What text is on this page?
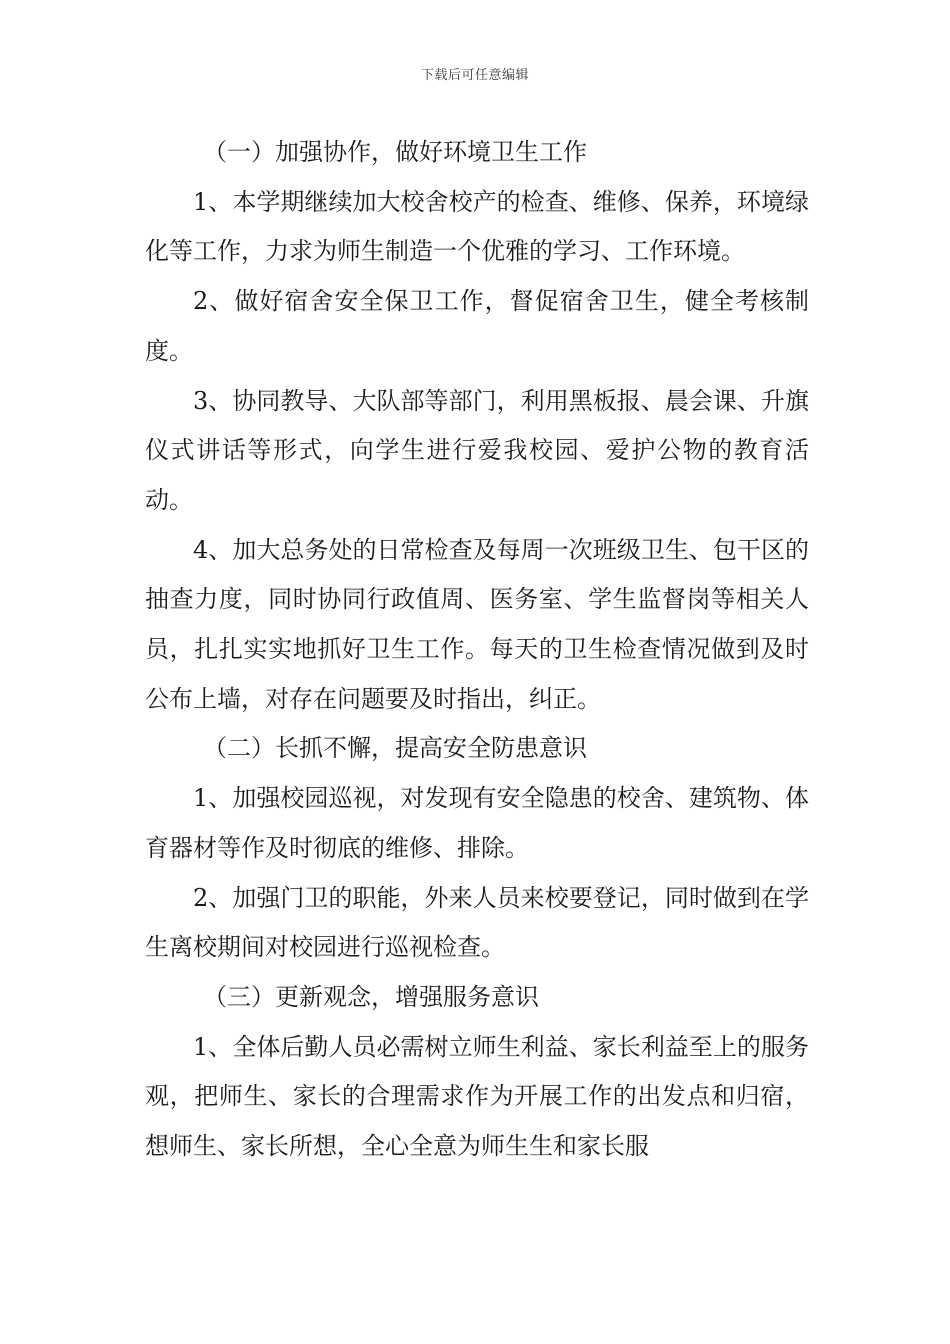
下载后可任意编辑

（一）加强协作，做好环境卫生工作

1、本学期继续加大校舍校产的检查、维修、保养，环境绿化等工作，力求为师生制造一个优雅的学习、工作环境。

2、做好宿舍安全保卫工作，督促宿舍卫生，健全考核制度。

3、协同教导、大队部等部门，利用黑板报、晨会课、升旗仪式讲话等形式，向学生进行爱我校园、爱护公物的教育活动。

4、加大总务处的日常检查及每周一次班级卫生、包干区的抽查力度，同时协同行政值周、医务室、学生监督岗等相关人员，扎扎实实地抓好卫生工作。每天的卫生检查情况做到及时公布上墙，对存在问题要及时指出，纠正。

（二）长抓不懈，提高安全防患意识

1、加强校园巡视，对发现有安全隐患的校舍、建筑物、体育器材等作及时彻底的维修、排除。

2、加强门卫的职能，外来人员来校要登记，同时做到在学生离校期间对校园进行巡视检查。

（三）更新观念，增强服务意识

1、全体后勤人员必需树立师生利益、家长利益至上的服务观，把师生、家长的合理需求作为开展工作的出发点和归宿，想师生、家长所想，全心全意为师生生和家长服
